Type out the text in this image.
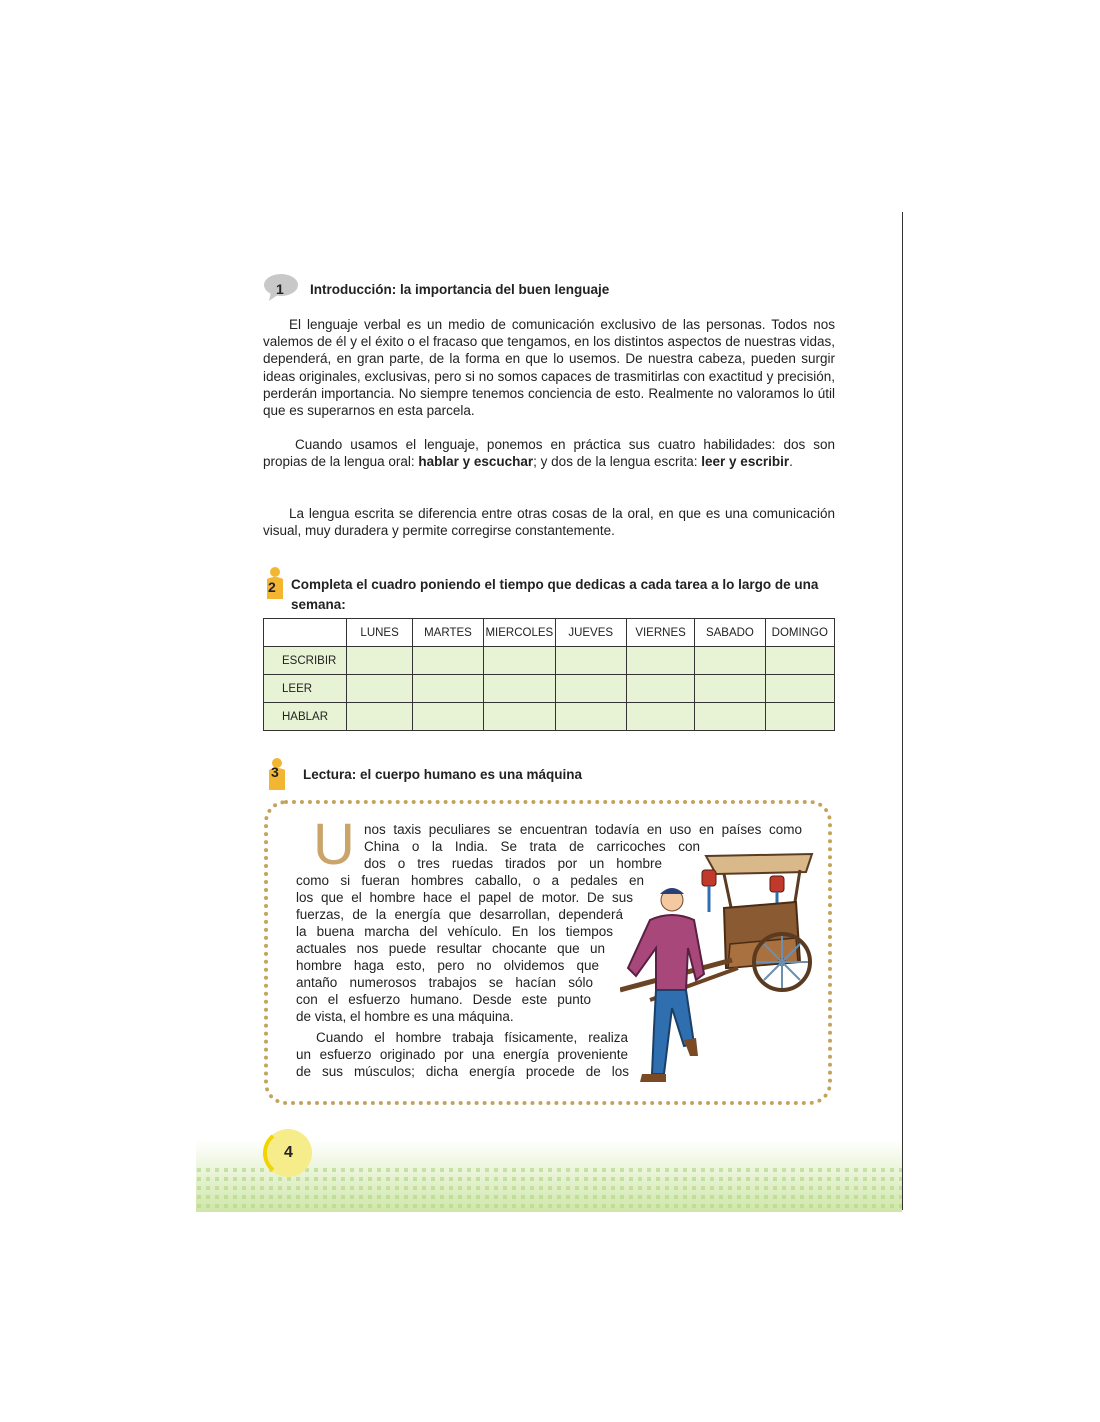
1 Introducción: la importancia del buen lenguaje

El lenguaje verbal es un medio de comunicación exclusivo de las personas. Todos nos valemos de él y el éxito o el fracaso que tengamos, en los distintos aspectos de nuestras vidas, dependerá, en gran parte, de la forma en que lo usemos. De nuestra cabeza, pueden surgir ideas originales, exclusivas, pero si no somos capaces de trasmitirlas con exactitud y precisión, perderán importancia. No siempre tenemos conciencia de esto. Realmente no valoramos lo útil que es superarnos en esta parcela.

Cuando usamos el lenguaje, ponemos en práctica sus cuatro habilidades: dos son propias de la lengua oral: hablar y escuchar; y dos de la lengua escrita: leer y escribir.

La lengua escrita se diferencia entre otras cosas de la oral, en que es una comunicación visual, muy duradera y permite corregirse constantemente.

2 Completa el cuadro poniendo el tiempo que dedicas a cada tarea a lo largo de una semana:
	LUNES	MARTES	MIERCOLES	JUEVES	VIERNES	SABADO	DOMINGO
ESCRIBIR							
LEER							
HABLAR							
3 Lectura: el cuerpo humano es una máquina
U nos taxis peculiares se encuentran todavía en uso en países como
China o la India. Se trata de carricoches con
dos o tres ruedas tirados por un hombre
como si fueran hombres caballo, o a pedales en
los que el hombre hace el papel de motor. De sus
fuerzas, de la energía que desarrollan, dependerá
la buena marcha del vehículo. En los tiempos
actuales nos puede resultar chocante que un
hombre haga esto, pero no olvidemos que
antaño numerosos trabajos se hacían sólo
con el esfuerzo humano. Desde este punto
de vista, el hombre es una máquina.
Cuando el hombre trabaja físicamente, realiza
un esfuerzo originado por una energía proveniente
de sus músculos; dicha energía procede de los
4
